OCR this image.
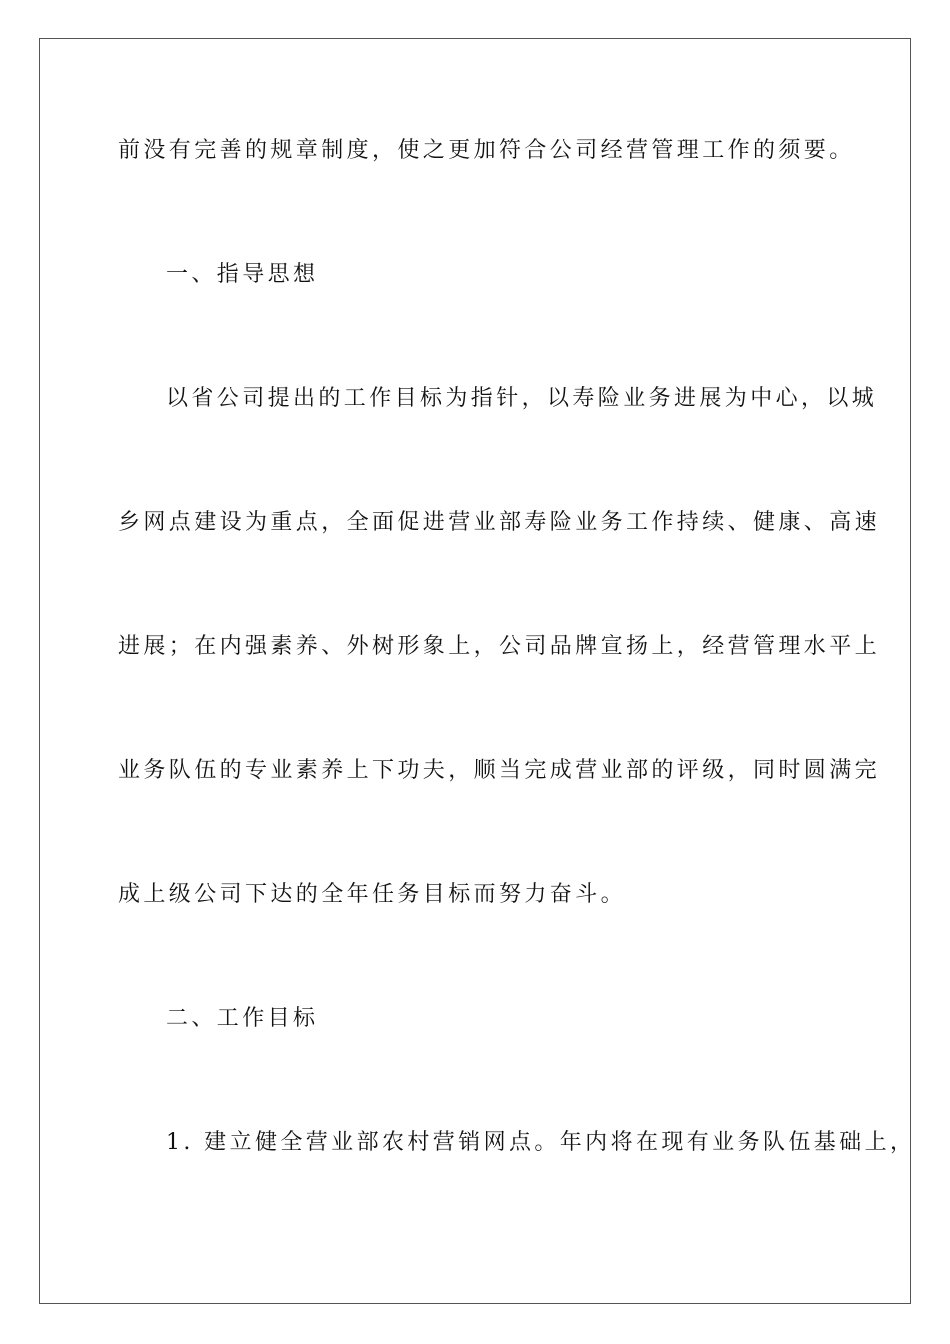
前没有完善的规章制度，使之更加符合公司经营管理工作的须要。
一、指导思想
以省公司提出的工作目标为指针，以寿险业务进展为中心，以城
乡网点建设为重点，全面促进营业部寿险业务工作持续、健康、高速
进展；在内强素养、外树形象上，公司品牌宣扬上，经营管理水平上
业务队伍的专业素养上下功夫，顺当完成营业部的评级，同时圆满完
成上级公司下达的全年任务目标而努力奋斗。
二、工作目标
1. 建立健全营业部农村营销网点。年内将在现有业务队伍基础上，
